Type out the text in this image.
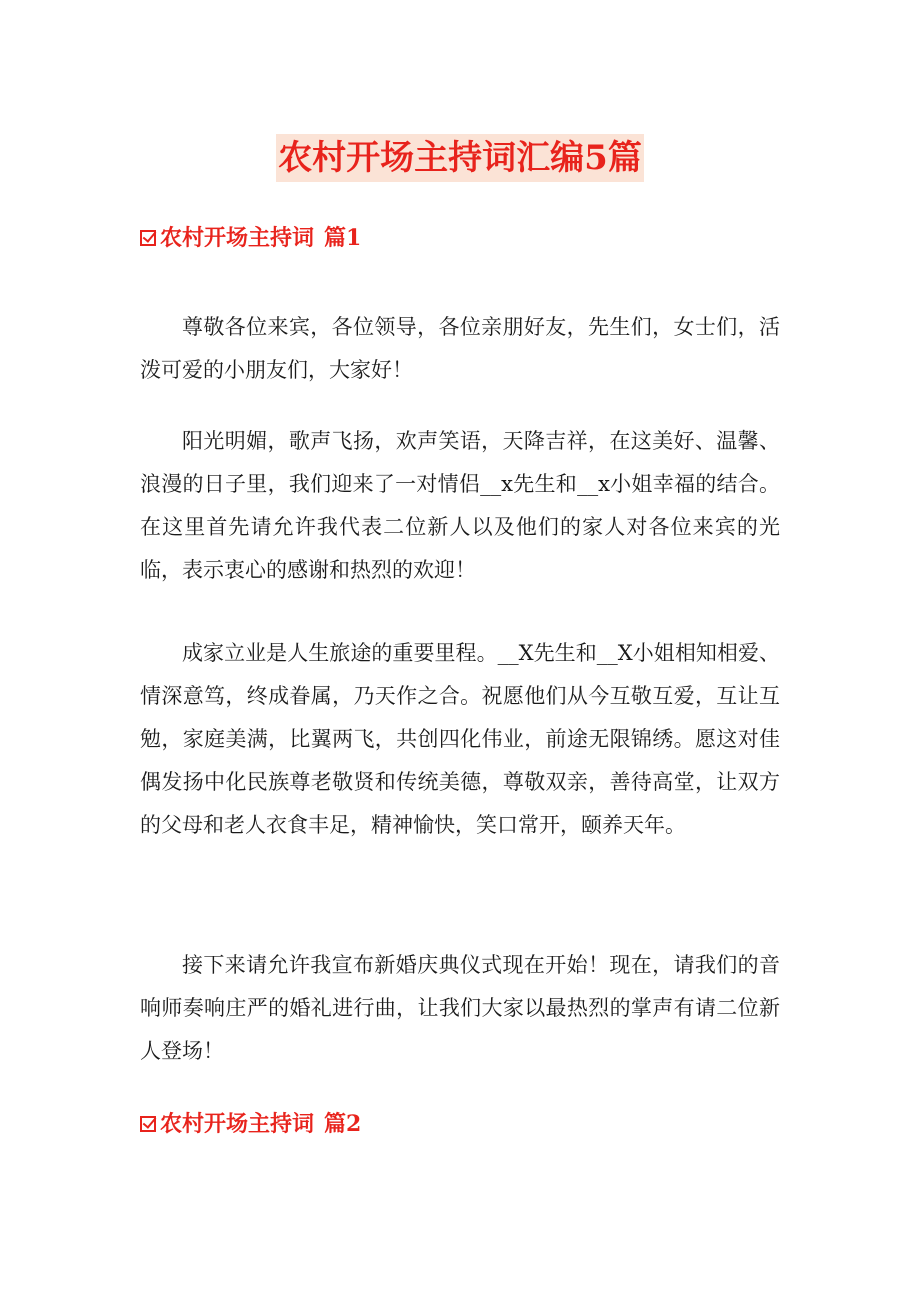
农村开场主持词汇编5篇
农村开场主持词 篇1

尊敬各位来宾，各位领导，各位亲朋好友，先生们，女士们，活泼可爱的小朋友们，大家好！

阳光明媚，歌声飞扬，欢声笑语，天降吉祥，在这美好、温馨、浪漫的日子里，我们迎来了一对情侣__x先生和__x小姐幸福的结合。在这里首先请允许我代表二位新人以及他们的家人对各位来宾的光临，表示衷心的感谢和热烈的欢迎！

成家立业是人生旅途的重要里程。__X先生和__X小姐相知相爱、情深意笃，终成眷属，乃天作之合。祝愿他们从今互敬互爱，互让互勉，家庭美满，比翼两飞，共创四化伟业，前途无限锦绣。愿这对佳偶发扬中化民族尊老敬贤和传统美德，尊敬双亲，善待高堂，让双方的父母和老人衣食丰足，精神愉快，笑口常开，颐养天年。

接下来请允许我宣布新婚庆典仪式现在开始！现在，请我们的音响师奏响庄严的婚礼进行曲，让我们大家以最热烈的掌声有请二位新人登场！

农村开场主持词 篇2
